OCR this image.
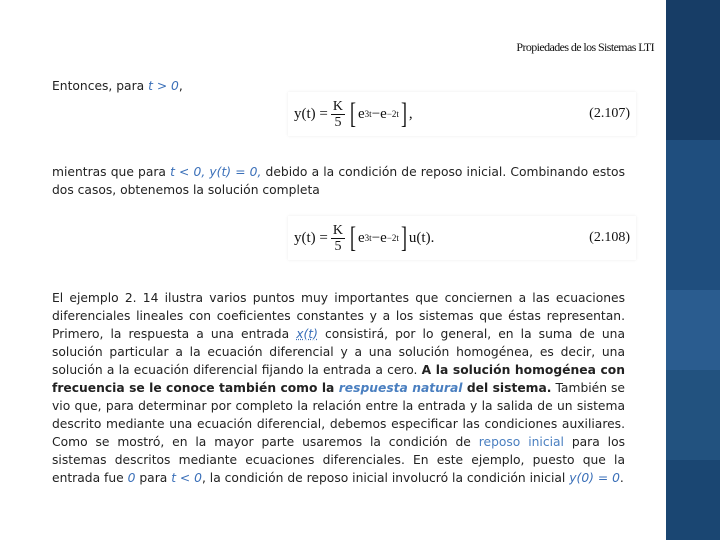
Propiedades de los Sistemas LTI

Entonces, para t > 0,

$y(t) = \frac{K}{5}$ [ e 3t − e −2t ] ,	(2.107)

mientras que para t < 0, y(t) = 0, debido a la condición de reposo inicial. Combinando estos dos casos, obtenemos la solución completa

$y(t) = \frac{K}{5}$ [ e 3t − e −2t ] u(t).	(2.108)

El ejemplo 2. 14 ilustra varios puntos muy importantes que conciernen a las ecuaciones diferenciales lineales con coeficientes constantes y a los sistemas que éstas representan. Primero, la respuesta a una entrada x(t) consistirá, por lo general, en la suma de una solución particular a la ecuación diferencial y a una solución homogénea, es decir, una solución a la ecuación diferencial fijando la entrada a cero. A la solución homogénea con frecuencia se le conoce también como la respuesta natural del sistema. También se vio que, para determinar por completo la relación entre la entrada y la salida de un sistema descrito mediante una ecuación diferencial, debemos especificar las condiciones auxiliares. Como se mostró, en la mayor parte usaremos la condición de reposo inicial para los sistemas descritos mediante ecuaciones diferenciales. En este ejemplo, puesto que la entrada fue 0 para t < 0, la condición de reposo inicial involucró la condición inicial y(0) = 0.
